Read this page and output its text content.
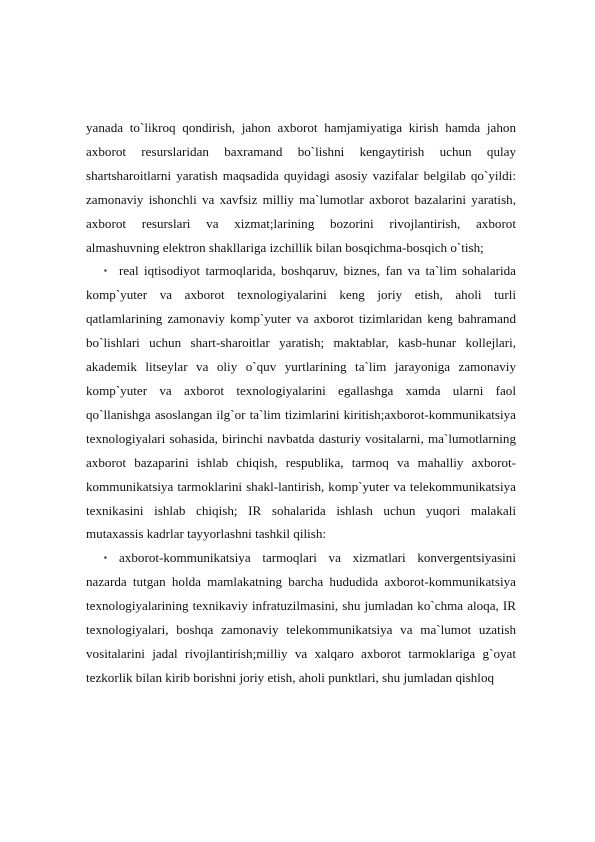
yanada to`likroq qondirish, jahon axborot hamjamiyatiga kirish hamda jahon axborot resurslaridan baxramand bo`lishni kengaytirish uchun qulay shartsharoitlarni yaratish maqsadida quyidagi asosiy vazifalar belgilab qo`yildi: zamonaviy ishonchli va xavfsiz milliy ma`lumotlar axborot bazalarini yaratish, axborot resurslari va xizmat;larining bozorini rivojlantirish, axborot almashuvning elektron shakllariga izchillik bilan bosqichma-bosqich o`tish;

▪ real iqtisodiyot tarmoqlarida, boshqaruv, biznes, fan va ta`lim sohalarida komp`yuter va axborot texnologiyalarini keng joriy etish, aholi turli qatlamlarining zamonaviy komp`yuter va axborot tizimlaridan keng bahramand bo`lishlari uchun shart-sharoitlar yaratish; maktablar, kasb-hunar kollejlari, akademik litseylar va oliy o`quv yurtlarining ta`lim jarayoniga zamonaviy komp`yuter va axborot texnologiyalarini egallashga xamda ularni faol qo`llanishga asoslangan ilg`or ta`lim tizimlarini kiritish;axborot-kommunikatsiya texnologiyalari sohasida, birinchi navbatda dasturiy vositalarni, ma`lumotlarning axborot bazaparini ishlab chiqish, respublika, tarmoq va mahalliy axborot-kommunikatsiya tarmoklarini shakl-lantirish, komp`yuter va telekommunikatsiya texnikasini ishlab chiqish; IR sohalarida ishlash uchun yuqori malakali mutaxassis kadrlar tayyorlashni tashkil qilish:

▪ axborot-kommunikatsiya tarmoqlari va xizmatlari konvergentsiyasini nazarda tutgan holda mamlakatning barcha hududida axborot-kommunikatsiya texnologiyalarining texnikaviy infratuzilmasini, shu jumladan ko`chma aloqa, IR texnologiyalari, boshqa zamonaviy telekommunikatsiya va ma`lumot uzatish vositalarini jadal rivojlantirish;milliy va xalqaro axborot tarmoklariga g`oyat tezkorlik bilan kirib borishni joriy etish, aholi punktlari, shu jumladan qishloq
